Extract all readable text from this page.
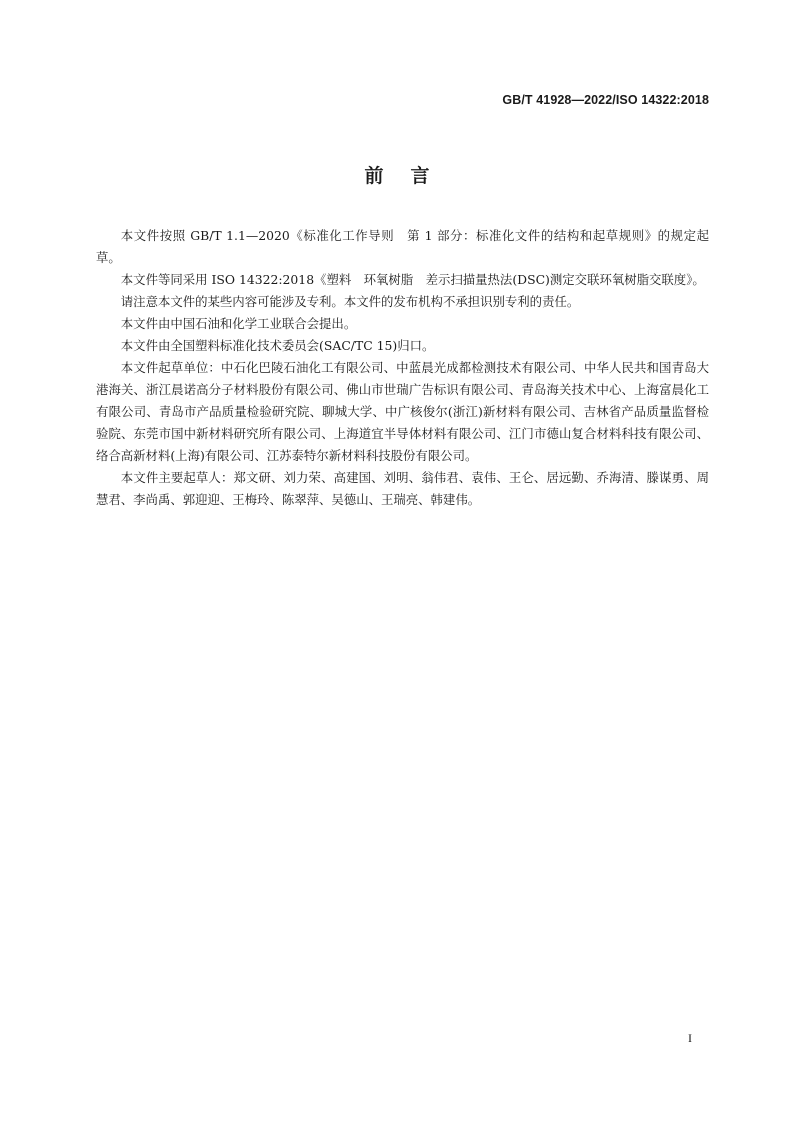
GB/T 41928—2022/ISO 14322:2018
前言

本文件按照 GB/T 1.1—2020《标准化工作导则　第 1 部分：标准化文件的结构和起草规则》的规定起草。

本文件等同采用 ISO 14322:2018《塑料　环氧树脂　差示扫描量热法(DSC)测定交联环氧树脂交联度》。

请注意本文件的某些内容可能涉及专利。本文件的发布机构不承担识别专利的责任。

本文件由中国石油和化学工业联合会提出。

本文件由全国塑料标准化技术委员会(SAC/TC 15)归口。

本文件起草单位：中石化巴陵石油化工有限公司、中蓝晨光成都检测技术有限公司、中华人民共和国青岛大港海关、浙江晨诺高分子材料股份有限公司、佛山市世瑞广告标识有限公司、青岛海关技术中心、上海富晨化工有限公司、青岛市产品质量检验研究院、聊城大学、中广核俊尔(浙江)新材料有限公司、吉林省产品质量监督检验院、东莞市国中新材料研究所有限公司、上海道宜半导体材料有限公司、江门市德山复合材料科技有限公司、络合高新材料(上海)有限公司、江苏泰特尔新材料科技股份有限公司。

本文件主要起草人：郑文研、刘力荣、高建国、刘明、翁伟君、袁伟、王仑、居远勤、乔海清、滕谋勇、周慧君、李尚禹、郭迎迎、王梅玲、陈翠萍、吴德山、王瑞亮、韩建伟。

I
